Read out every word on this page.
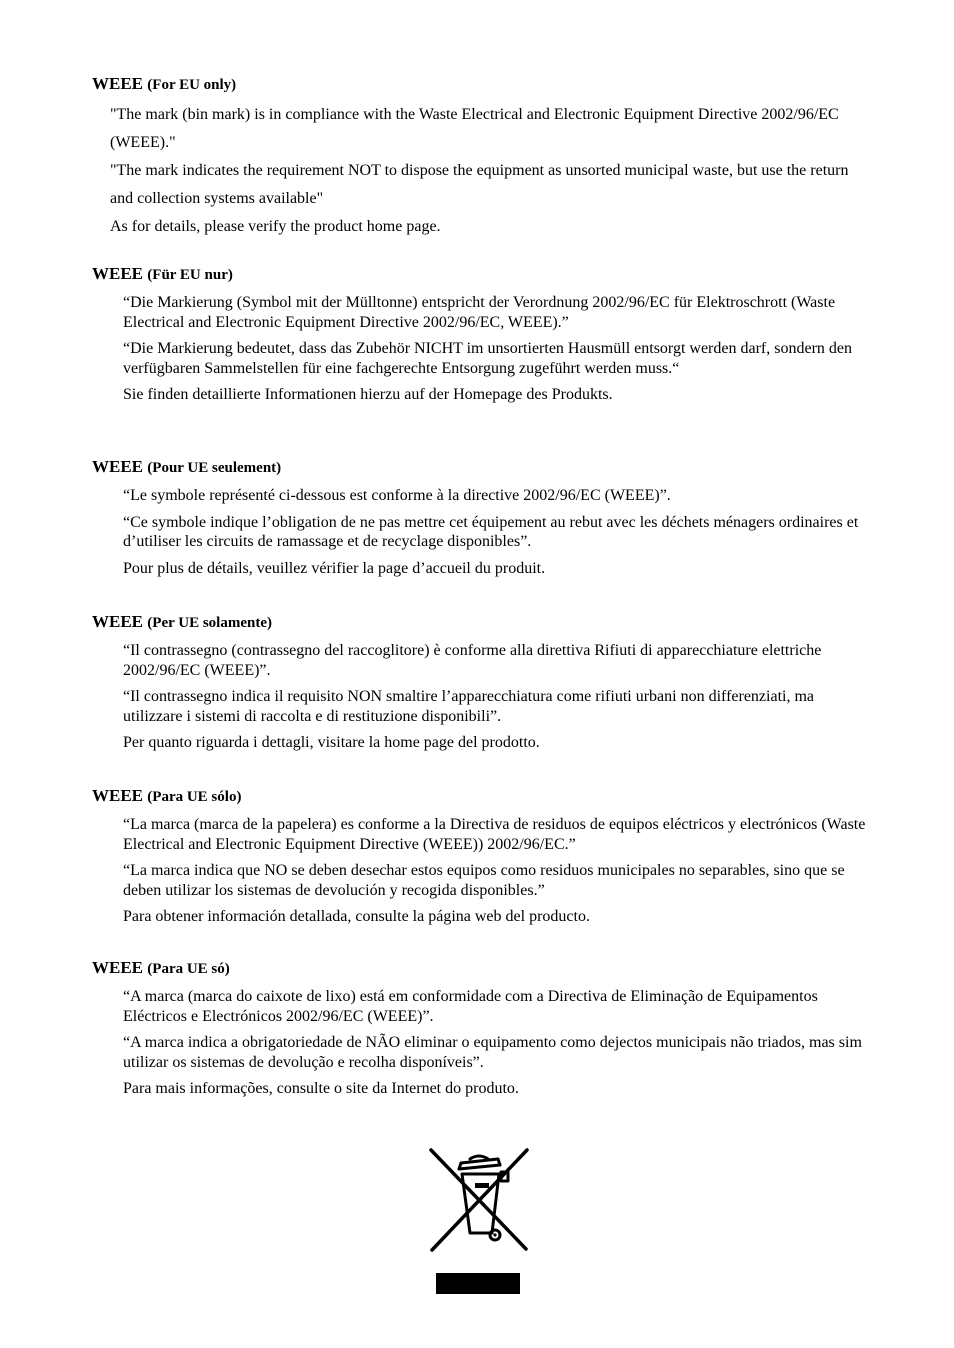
WEEE (For EU only)

"The mark (bin mark) is in compliance with the Waste Electrical and Electronic Equipment Directive 2002/96/EC (WEEE)."

"The mark indicates the requirement NOT to dispose the equipment as unsorted municipal waste, but use the return and collection systems available"

As for details, please verify the product home page.

WEEE (Für EU nur)

“Die Markierung (Symbol mit der Mülltonne) entspricht der Verordnung 2002/96/EC für Elektroschrott (Waste Electrical and Electronic Equipment Directive 2002/96/EC, WEEE).”

“Die Markierung bedeutet, dass das Zubehör NICHT im unsortierten Hausmüll entsorgt werden darf, sondern den verfügbaren Sammelstellen für eine fachgerechte Entsorgung zugeführt werden muss.“

Sie finden detaillierte Informationen hierzu auf der Homepage des Produkts.

WEEE (Pour UE seulement)

“Le symbole représenté ci-dessous est conforme à la directive 2002/96/EC (WEEE)”.

“Ce symbole indique l’obligation de ne pas mettre cet équipement au rebut avec les déchets ménagers ordinaires et d’utiliser les circuits de ramassage et de recyclage disponibles”.

Pour plus de détails, veuillez vérifier la page d’accueil du produit.

WEEE (Per UE solamente)

“Il contrassegno (contrassegno del raccoglitore) è conforme alla direttiva Rifiuti di apparecchiature elettriche 2002/96/EC (WEEE)”.

“Il contrassegno indica il requisito NON smaltire l’apparecchiatura come rifiuti urbani non differenziati, ma utilizzare i sistemi di raccolta e di restituzione disponibili”.

Per quanto riguarda i dettagli, visitare la home page del prodotto.

WEEE (Para UE sólo)

“La marca (marca de la papelera) es conforme a la Directiva de residuos de equipos eléctricos y electrónicos (Waste Electrical and Electronic Equipment Directive (WEEE)) 2002/96/EC.”

“La marca indica que NO se deben desechar estos equipos como residuos municipales no separables, sino que se deben utilizar los sistemas de devolución y recogida disponibles.”

Para obtener información detallada, consulte la página web del producto.

WEEE (Para UE só)

“A marca (marca do caixote de lixo) está em conformidade com a Directiva de Eliminação de Equipamentos Eléctricos e Electrónicos 2002/96/EC (WEEE)”.

“A marca indica a obrigatoriedade de NÃO eliminar o equipamento como dejectos municipais não triados, mas sim utilizar os sistemas de devolução e recolha disponíveis”.

Para mais informações, consulte o site da Internet do produto.
